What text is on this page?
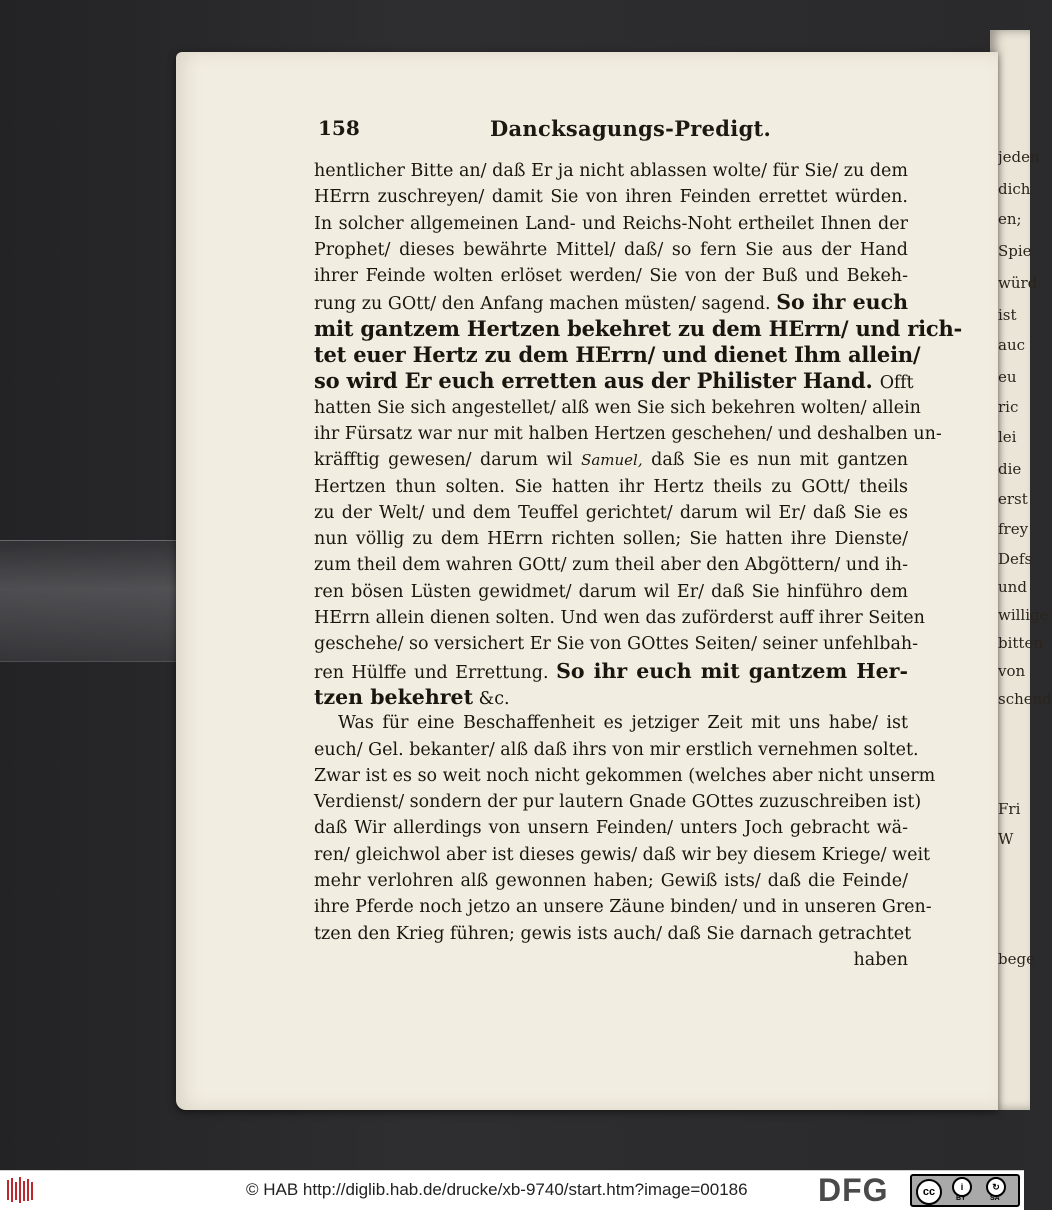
jeden
dich
en;
Spie
würd
ist
auc
eu
ric
lei
die
erst
frey
Defs
und
willige
bitten
von
schend
Fri
W
bege
158	Dancksagungs-Predigt.
hentlicher Bitte an/ daß Er ja nicht ablassen wolte/ für Sie/ zu dem
HErrn zuschreyen/ damit Sie von ihren Feinden errettet würden.
In solcher allgemeinen Land- und Reichs-Noht ertheilet Ihnen der
Prophet/ dieses bewährte Mittel/ daß/ so fern Sie aus der Hand
ihrer Feinde wolten erlöset werden/ Sie von der Buß und Bekeh-
rung zu GOtt/ den Anfang machen müsten/ sagend. So ihr euch
mit gantzem Hertzen bekehret zu dem HErrn/ und rich-
tet euer Hertz zu dem HErrn/ und dienet Ihm allein/
so wird Er euch erretten aus der Philister Hand. Offt
hatten Sie sich angestellet/ alß wen Sie sich bekehren wolten/ allein
ihr Fürsatz war nur mit halben Hertzen geschehen/ und deshalben un-
kräfftig gewesen/ darum wil Samuel, daß Sie es nun mit gantzen
Hertzen thun solten. Sie hatten ihr Hertz theils zu GOtt/ theils
zu der Welt/ und dem Teuffel gerichtet/ darum wil Er/ daß Sie es
nun völlig zu dem HErrn richten sollen; Sie hatten ihre Dienste/
zum theil dem wahren GOtt/ zum theil aber den Abgöttern/ und ih-
ren bösen Lüsten gewidmet/ darum wil Er/ daß Sie hinführo dem
HErrn allein dienen solten. Und wen das zuförderst auff ihrer Seiten
geschehe/ so versichert Er Sie von GOttes Seiten/ seiner unfehlbah-
ren Hülffe und Errettung. So ihr euch mit gantzem Her-
tzen bekehret &c.
Was für eine Beschaffenheit es jetziger Zeit mit uns habe/ ist
euch/ Gel. bekanter/ alß daß ihrs von mir erstlich vernehmen soltet.
Zwar ist es so weit noch nicht gekommen (welches aber nicht unserm
Verdienst/ sondern der pur lautern Gnade GOttes zuzuschreiben ist)
daß Wir allerdings von unsern Feinden/ unters Joch gebracht wä-
ren/ gleichwol aber ist dieses gewis/ daß wir bey diesem Kriege/ weit
mehr verlohren alß gewonnen haben; Gewiß ists/ daß die Feinde/
ihre Pferde noch jetzo an unsere Zäune binden/ und in unseren Gren-
tzen den Krieg führen; gewis ists auch/ daß Sie darnach getrachtet
haben
© HAB http://diglib.hab.de/drucke/xb-9740/start.htm?image=00186 DFG	cc	i
BY
↻
SA
